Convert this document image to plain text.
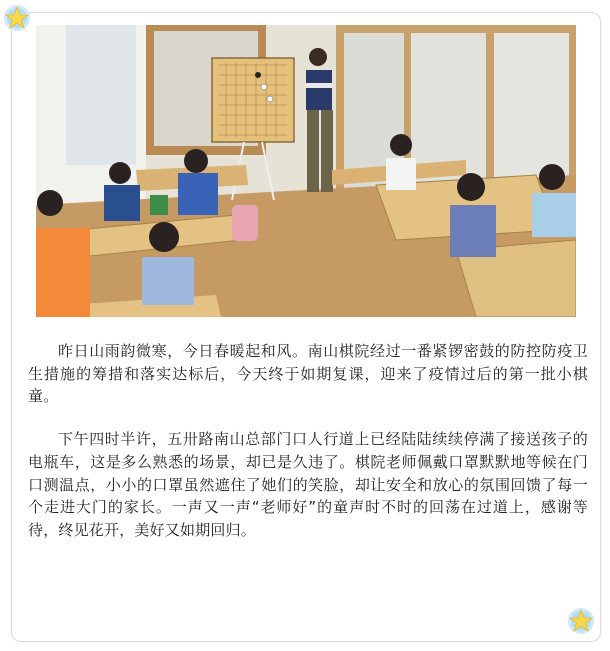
昨日山雨韵微寒，今日春暖起和风。南山棋院经过一番紧锣密鼓的防控防疫卫生措施的筹措和落实达标后，今天终于如期复课，迎来了疫情过后的第一批小棋童。

下午四时半许，五卅路南山总部门口人行道上已经陆陆续续停满了接送孩子的电瓶车，这是多么熟悉的场景，却已是久违了。棋院老师佩戴口罩默默地等候在门口测温点，小小的口罩虽然遮住了她们的笑脸，却让安全和放心的氛围回馈了每一个走进大门的家长。一声又一声“老师好”的童声时不时的回荡在过道上，感谢等待，终见花开，美好又如期回归。
